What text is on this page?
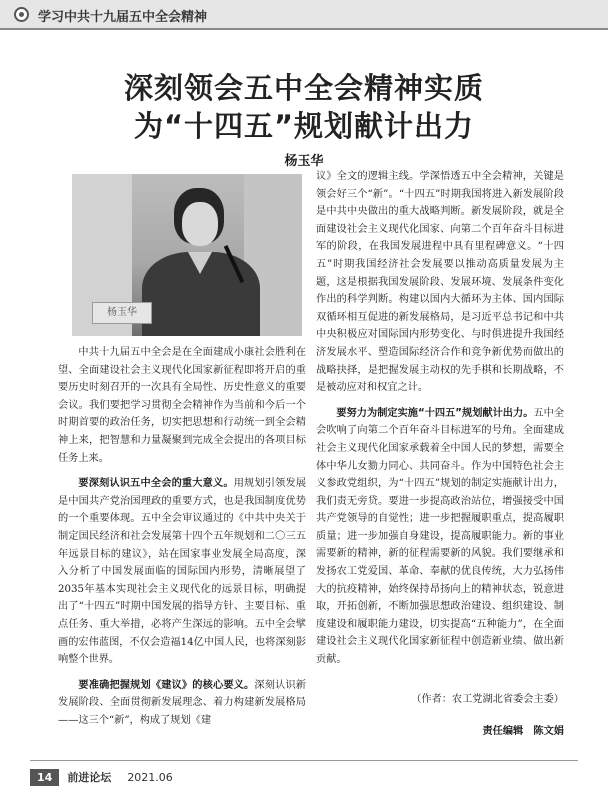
学习中共十九届五中全会精神
深刻领会五中全会精神实质
为“十四五”规划献计出力
杨玉华
杨玉华

中共十九届五中全会是在全面建成小康社会胜利在望、全面建设社会主义现代化国家新征程即将开启的重要历史时刻召开的一次具有全局性、历史性意义的重要会议。我们要把学习贯彻全会精神作为当前和今后一个时期首要的政治任务，切实把思想和行动统一到全会精神上来，把智慧和力量凝聚到完成全会提出的各项目标任务上来。

要深刻认识五中全会的重大意义。用规划引领发展是中国共产党治国理政的重要方式，也是我国制度优势的一个重要体现。五中全会审议通过的《中共中央关于制定国民经济和社会发展第十四个五年规划和二〇三五年远景目标的建议》，站在国家事业发展全局高度，深入分析了中国发展面临的国际国内形势，清晰展望了2035年基本实现社会主义现代化的远景目标，明确提出了“十四五”时期中国发展的指导方针、主要目标、重点任务、重大举措，必将产生深远的影响。五中全会擘画的宏伟蓝图，不仅会造福14亿中国人民，也将深刻影响整个世界。

要准确把握规划《建议》的核心要义。深刻认识新发展阶段、全面贯彻新发展理念、着力构建新发展格局——这三个“新”，构成了规划《建

议》全文的逻辑主线。学深悟透五中全会精神，关键是领会好三个“新”。“十四五”时期我国将进入新发展阶段是中共中央做出的重大战略判断。新发展阶段，就是全面建设社会主义现代化国家、向第二个百年奋斗目标进军的阶段，在我国发展进程中具有里程碑意义。“十四五”时期我国经济社会发展要以推动高质量发展为主题，这是根据我国发展阶段、发展环境、发展条件变化作出的科学判断。构建以国内大循环为主体、国内国际双循环相互促进的新发展格局，是习近平总书记和中共中央积极应对国际国内形势变化、与时俱进提升我国经济发展水平、塑造国际经济合作和竞争新优势而做出的战略抉择，是把握发展主动权的先手棋和长期战略，不是被动应对和权宜之计。

要努力为制定实施“十四五”规划献计出力。五中全会吹响了向第二个百年奋斗目标进军的号角。全面建成社会主义现代化国家承载着全中国人民的梦想，需要全体中华儿女勠力同心、共同奋斗。作为中国特色社会主义参政党组织，为“十四五”规划的制定实施献计出力，我们责无旁贷。要进一步提高政治站位，增强接受中国共产党领导的自觉性；进一步把握履职重点，提高履职质量；进一步加强自身建设，提高履职能力。新的事业需要新的精神，新的征程需要新的风貌。我们要继承和发扬农工党爱国、革命、奉献的优良传统，大力弘扬伟大的抗疫精神，始终保持昂扬向上的精神状态，锐意进取，开拓创新，不断加强思想政治建设、组织建设、制度建设和履职能力建设，切实提高“五种能力”，在全面建设社会主义现代化国家新征程中创造新业绩、做出新贡献。

（作者：农工党湖北省委会主委）
责任编辑　陈文娟
14	前进论坛 2021.06
